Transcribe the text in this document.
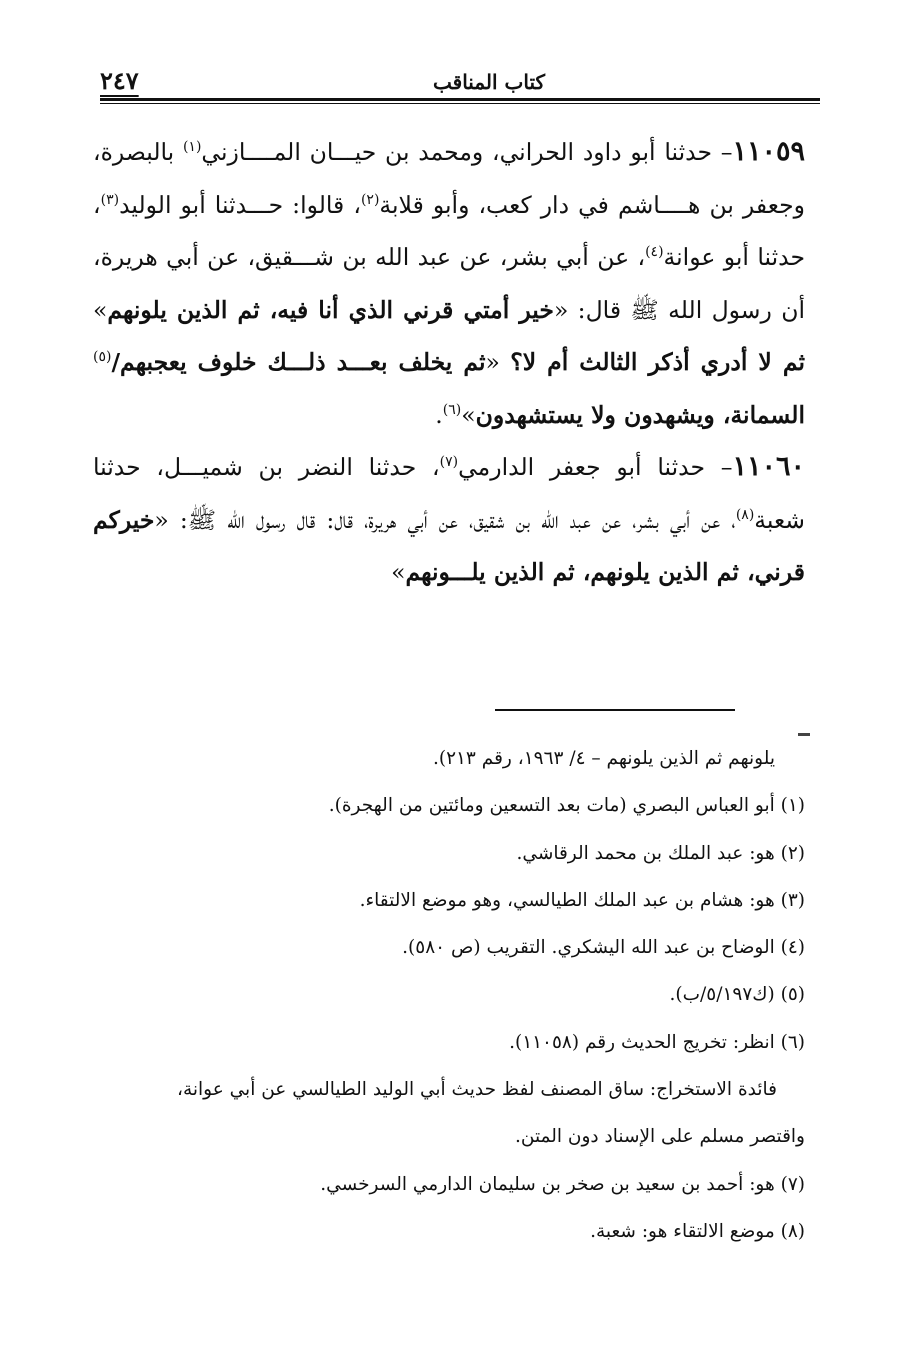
كتاب المناقب
٢٤٧

١١٠٥٩– حدثنا أبو داود الحراني، ومحمد بن حيـــان المــــازني$^{(١)}$ بالبصرة، وجعفر بن هــــاشم في دار كعب، وأبو قلابة$^{(٢)}$، قالوا: حـــدثنا أبو الوليد$^{(٣)}$، حدثنا أبو عوانة$^{(٤)}$، عن أبي بشر، عن عبد الله بن شـــقيق، عن أبي هريرة، أن رسول الله ﷺ قال: «خير أمتي قرني الذي أنا فيه، ثم الذين يلونهم» ثم لا أدري أذكر الثالث أم لا؟ «ثم يخلف بعـــد ذلـــك خلوف يعجبهم/$^{(٥)}$ السمانة، ويشهدون ولا يستشهدون»$^{(٦)}$.

١١٠٦٠– حدثنا أبو جعفر الدارمي$^{(٧)}$، حدثنا النضر بن شميـــل، حدثنا شعبة$^{(٨)}$، عن أبي بشر، عن عبد الله بن شقيق، عن أبي هريرة، قال: قال رسول الله ﷺ: «خيركم قرني، ثم الذين يلونهم، ثم الذين يلـــونهم»

يلونهم ثم الذين يلونهم – ٤/ ١٩٦٣، رقم ٢١٣).

(١) أبو العباس البصري (مات بعد التسعين ومائتين من الهجرة).

(٢) هو: عبد الملك بن محمد الرقاشي.

(٣) هو: هشام بن عبد الملك الطيالسي، وهو موضع الالتقاء.

(٤) الوضاح بن عبد الله اليشكري. التقريب (ص ٥٨٠).

(٥) (ك٥/١٩٧/ب).

(٦) انظر: تخريج الحديث رقم (١١٠٥٨).

فائدة الاستخراج: ساق المصنف لفظ حديث أبي الوليد الطيالسي عن أبي عوانة،

واقتصر مسلم على الإسناد دون المتن.

(٧) هو: أحمد بن سعيد بن صخر بن سليمان الدارمي السرخسي.

(٨) موضع الالتقاء هو: شعبة.
